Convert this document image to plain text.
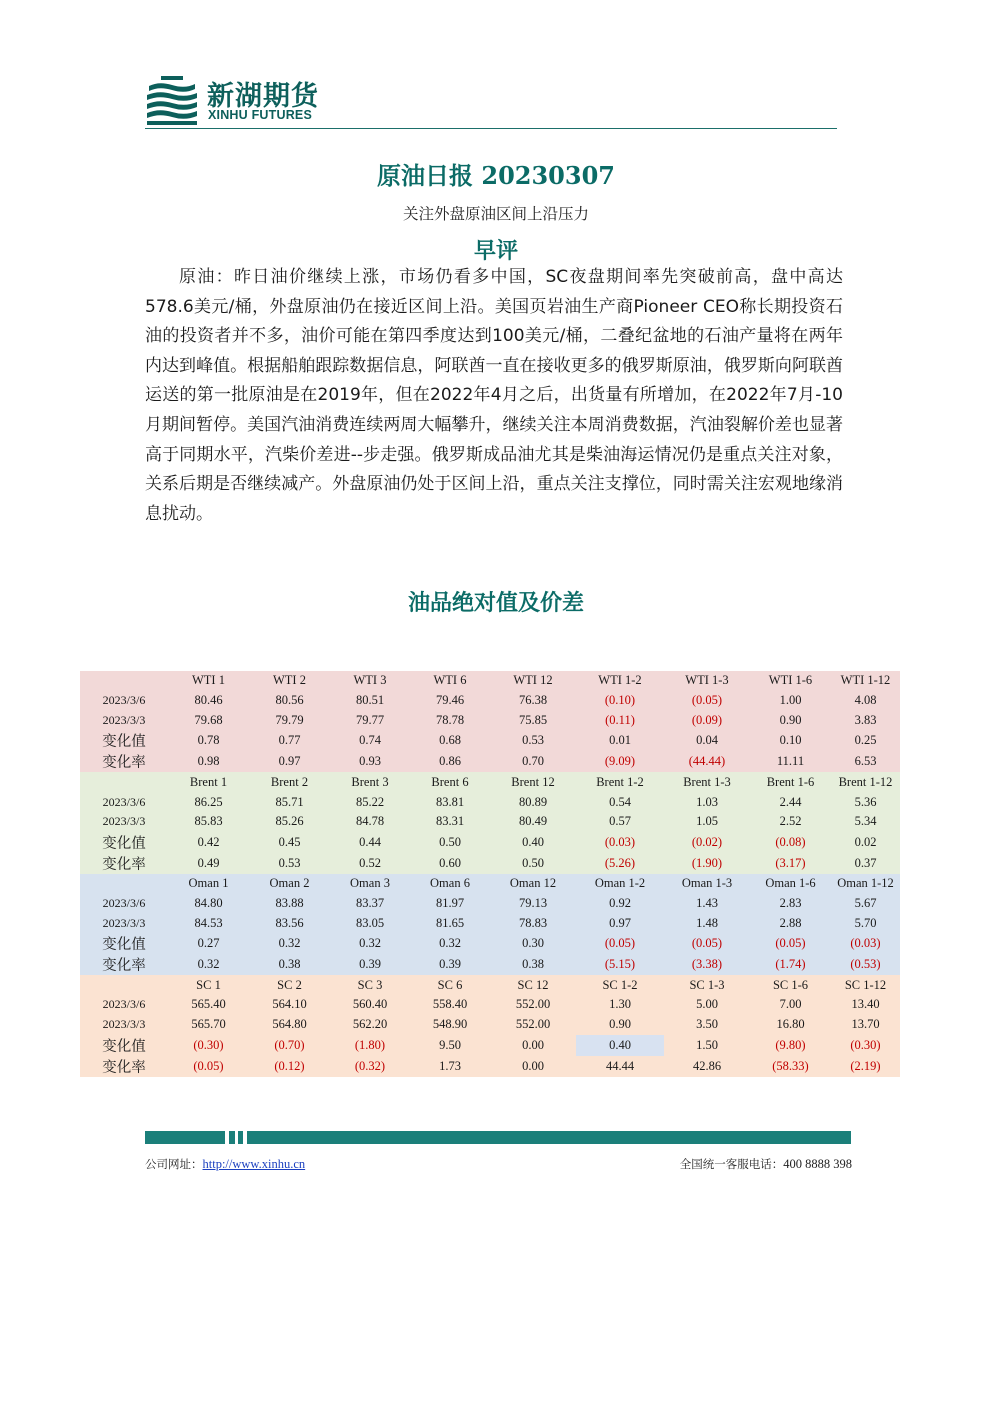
新湖期货
XINHU FUTURES
原油日报 20230307
关注外盘原油区间上沿压力
早评

原油：昨日油价继续上涨，市场仍看多中国，SC夜盘期间率先突破前高，盘中高达578.6美元/桶，外盘原油仍在接近区间上沿。美国页岩油生产商Pioneer CEO称长期投资石油的投资者并不多，油价可能在第四季度达到100美元/桶，二叠纪盆地的石油产量将在两年内达到峰值。根据船舶跟踪数据信息，阿联酋一直在接收更多的俄罗斯原油，俄罗斯向阿联酋运送的第一批原油是在2019年，但在2022年4月之后，出货量有所增加，在2022年7月-10月期间暂停。美国汽油消费连续两周大幅攀升，继续关注本周消费数据，汽油裂解价差也显著高于同期水平，汽柴价差进--步走强。俄罗斯成品油尤其是柴油海运情况仍是重点关注对象，关系后期是否继续减产。外盘原油仍处于区间上沿，重点关注支撑位，同时需关注宏观地缘消息扰动。

油品绝对值及价差
	WTI 1	WTI 2	WTI 3	WTI 6	WTI 12	WTI 1-2	WTI 1-3	WTI 1-6	WTI 1-12
2023/3/6	80.46	80.56	80.51	79.46	76.38	(0.10)	(0.05)	1.00	4.08
2023/3/3	79.68	79.79	79.77	78.78	75.85	(0.11)	(0.09)	0.90	3.83
变化值	0.78	0.77	0.74	0.68	0.53	0.01	0.04	0.10	0.25
变化率	0.98	0.97	0.93	0.86	0.70	(9.09)	(44.44)	11.11	6.53
	Brent 1	Brent 2	Brent 3	Brent 6	Brent 12	Brent 1-2	Brent 1-3	Brent 1-6	Brent 1-12
2023/3/6	86.25	85.71	85.22	83.81	80.89	0.54	1.03	2.44	5.36
2023/3/3	85.83	85.26	84.78	83.31	80.49	0.57	1.05	2.52	5.34
变化值	0.42	0.45	0.44	0.50	0.40	(0.03)	(0.02)	(0.08)	0.02
变化率	0.49	0.53	0.52	0.60	0.50	(5.26)	(1.90)	(3.17)	0.37
	Oman 1	Oman 2	Oman 3	Oman 6	Oman 12	Oman 1-2	Oman 1-3	Oman 1-6	Oman 1-12
2023/3/6	84.80	83.88	83.37	81.97	79.13	0.92	1.43	2.83	5.67
2023/3/3	84.53	83.56	83.05	81.65	78.83	0.97	1.48	2.88	5.70
变化值	0.27	0.32	0.32	0.32	0.30	(0.05)	(0.05)	(0.05)	(0.03)
变化率	0.32	0.38	0.39	0.39	0.38	(5.15)	(3.38)	(1.74)	(0.53)
	SC 1	SC 2	SC 3	SC 6	SC 12	SC 1-2	SC 1-3	SC 1-6	SC 1-12
2023/3/6	565.40	564.10	560.40	558.40	552.00	1.30	5.00	7.00	13.40
2023/3/3	565.70	564.80	562.20	548.90	552.00	0.90	3.50	16.80	13.70
变化值	(0.30)	(0.70)	(1.80)	9.50	0.00	0.40	1.50	(9.80)	(0.30)
变化率	(0.05)	(0.12)	(0.32)	1.73	0.00	44.44	42.86	(58.33)	(2.19)
公司网址：http://www.xinhu.cn	全国统一客服电话：400 8888 398
